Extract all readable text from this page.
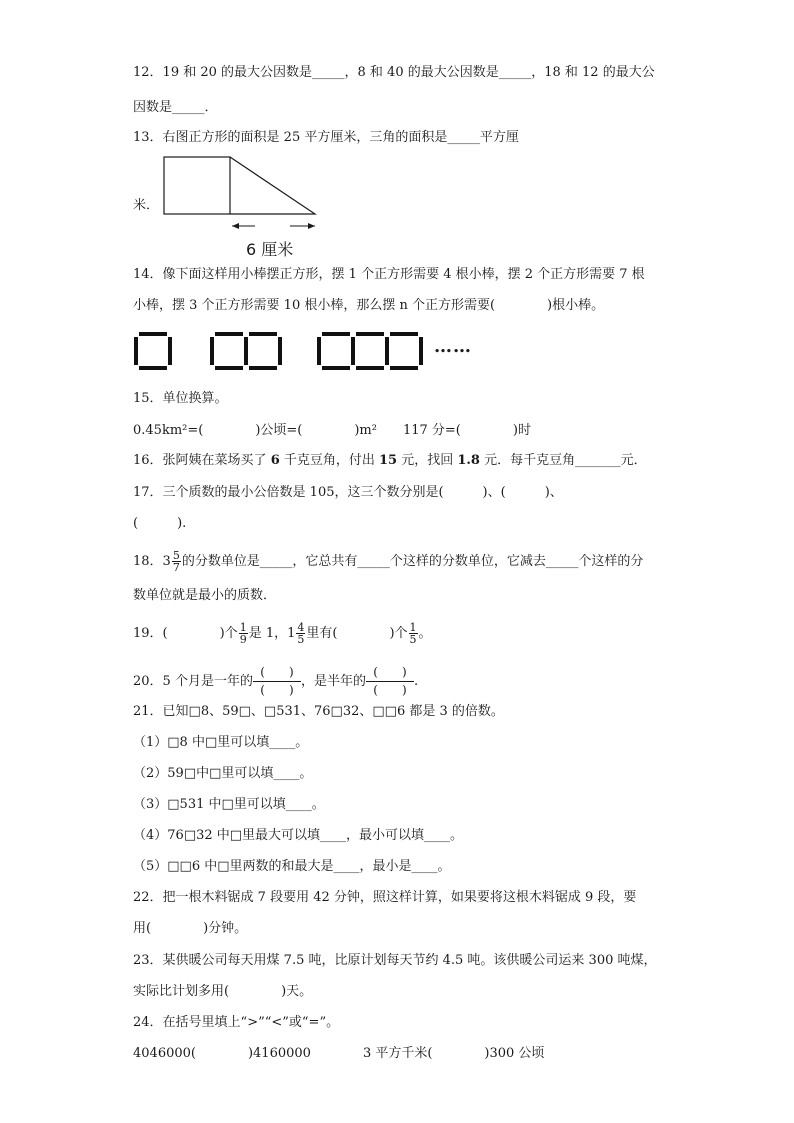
12．19 和 20 的最大公因数是_____，8 和 40 的最大公因数是_____，18 和 12 的最大公
因数是_____．
13．右图正方形的面积是 25 平方厘米，三角的面积是_____平方厘
米．
6 厘米
14．像下面这样用小棒摆正方形，摆 1 个正方形需要 4 根小棒，摆 2 个正方形需要 7 根
小棒，摆 3 个正方形需要 10 根小棒，那么摆 n 个正方形需要(　　　　)根小棒。
……
15．单位换算。
0.45km²=(　　　　)公顷=(　　　　)m²　　117 分=(　　　　)时
16．张阿姨在菜场买了 6 千克豆角，付出 15 元，找回 1.8 元．每千克豆角_______元．
17．三个质数的最小公倍数是 105，这三个数分别是(　　　)、(　　　)、
(　　　).
18．$3 \frac{5}{7}$ 的分数单位是_____，它总共有_____个这样的分数单位，它减去_____个这样的分
数单位就是最小的质数．
19．(　　　　)个 $\frac{1}{9}$ 是 1，$1 \frac{4}{5}$ 里有(　　　　)个 $\frac{1}{5}$ 。
20．5 个月是一年的
(　　)
(　　)
，是半年的
(　　)
(　　)
.
21．已知□8、59□、□531、76□32、□□6 都是 3 的倍数。
（1）□8 中□里可以填____。
（2）59□中□里可以填____。
（3）□531 中□里可以填____。
（4）76□32 中□里最大可以填____，最小可以填____。
（5）□□6 中□里两数的和最大是____，最小是____。
22．把一根木料锯成 7 段要用 42 分钟，照这样计算，如果要将这根木料锯成 9 段，要
用(　　　　)分钟。
23．某供暖公司每天用煤 7.5 吨，比原计划每天节约 4.5 吨。该供暖公司运来 300 吨煤，
实际比计划多用(　　　　)天。
24．在括号里填上“>”“<”或“=”。
4046000(　　　　)4160000　　　　3 平方千米(　　　　)300 公顷
